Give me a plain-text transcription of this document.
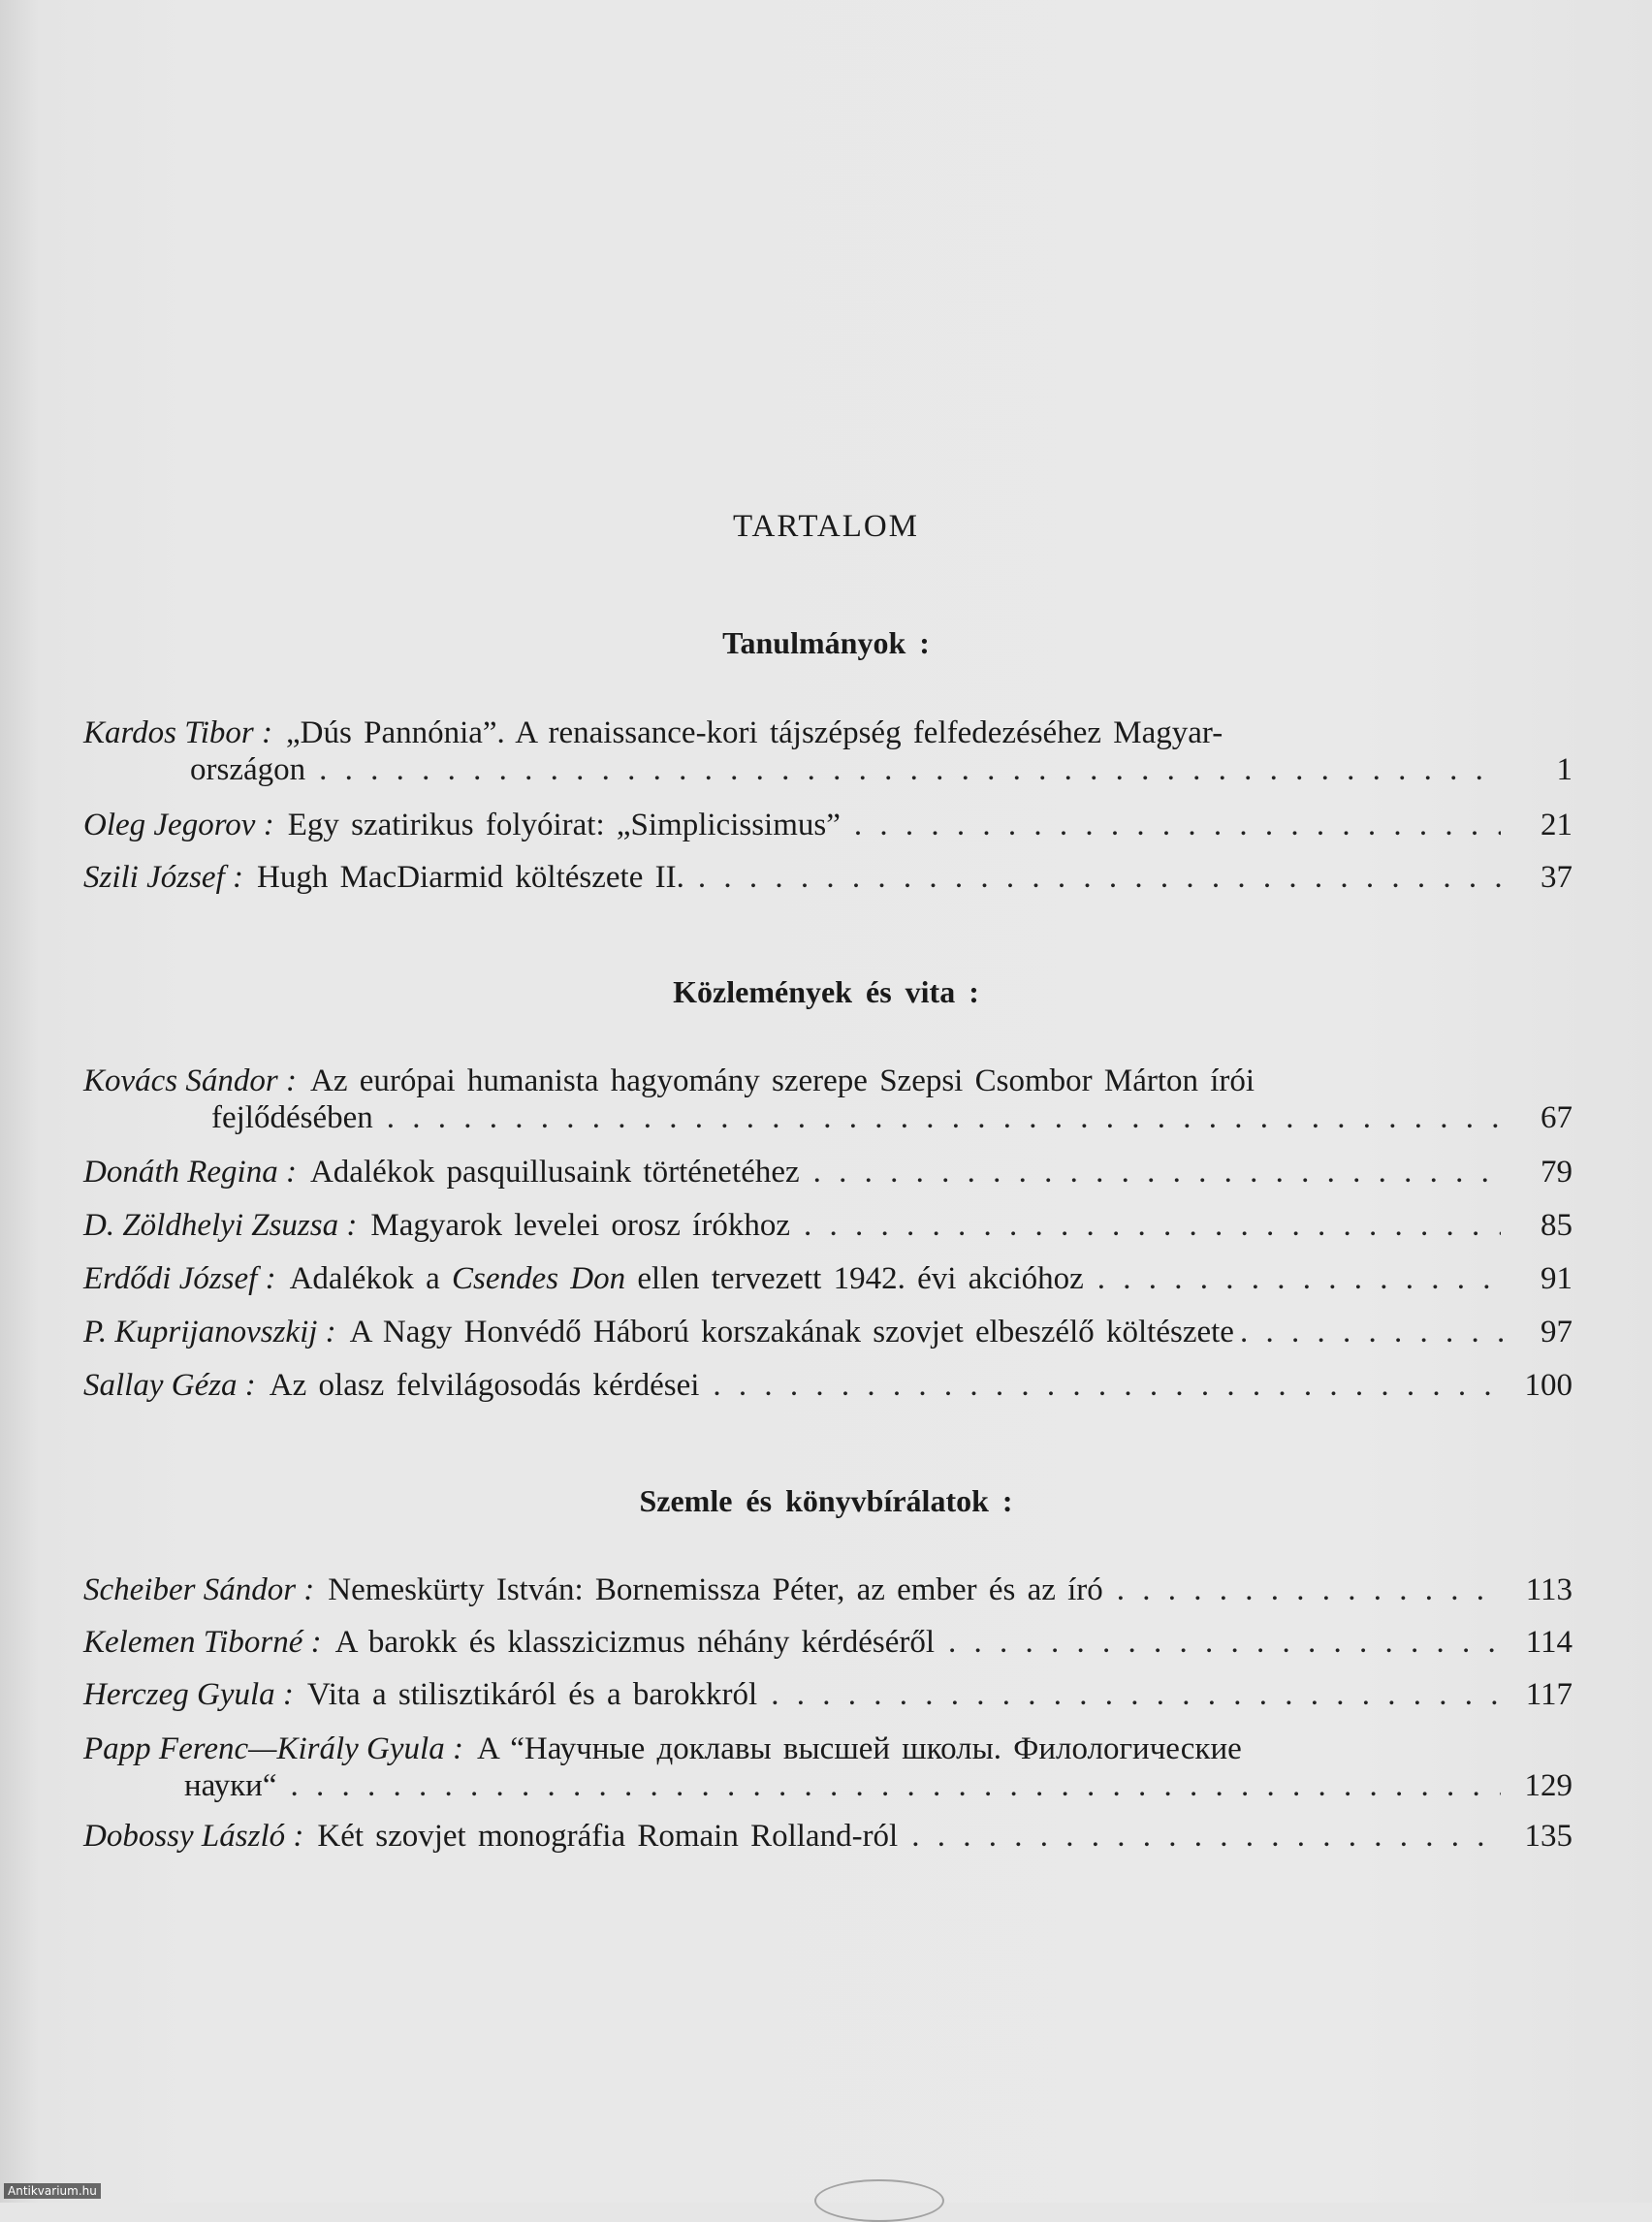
TARTALOM
Tanulmányok :
Kardos Tibor : „Dús Pannónia”. A renaissance-kori tájszépség felfedezéséhez Magyar-
országon . . .	1
Oleg Jegorov : Egy szatirikus folyóirat: „Simplicissimus” . . .	21
Szili József : Hugh MacDiarmid költészete II. . . .	37
Közlemények és vita :
Kovács Sándor : Az európai humanista hagyomány szerepe Szepsi Csombor Márton írói
fejlődésében . . .	67
Donáth Regina : Adalékok pasquillusaink történetéhez . . .	79
D. Zöldhelyi Zsuzsa : Magyarok levelei orosz írókhoz . . .	85
Erdődi József : Adalékok a Csendes Don ellen tervezett 1942. évi akcióhoz . . .	91
P. Kuprijanovszkij : A Nagy Honvédő Háború korszakának szovjet elbeszélő költészete . . .	97
Sallay Géza : Az olasz felvilágosodás kérdései . . .	100
Szemle és könyvbírálatok :
Scheiber Sándor : Nemeskürty István: Bornemissza Péter, az ember és az író . . .	113
Kelemen Tiborné : A barokk és klasszicizmus néhány kérdéséről . . .	114
Herczeg Gyula : Vita a stilisztikáról és a barokkról . . .	117
Papp Ferenc—Király Gyula : A “Научные доклавы высшей школы. Филологические
науки“ . . .	129
Dobossy László : Két szovjet monográfia Romain Rolland-ról . . .	135
Antikvarium.hu
